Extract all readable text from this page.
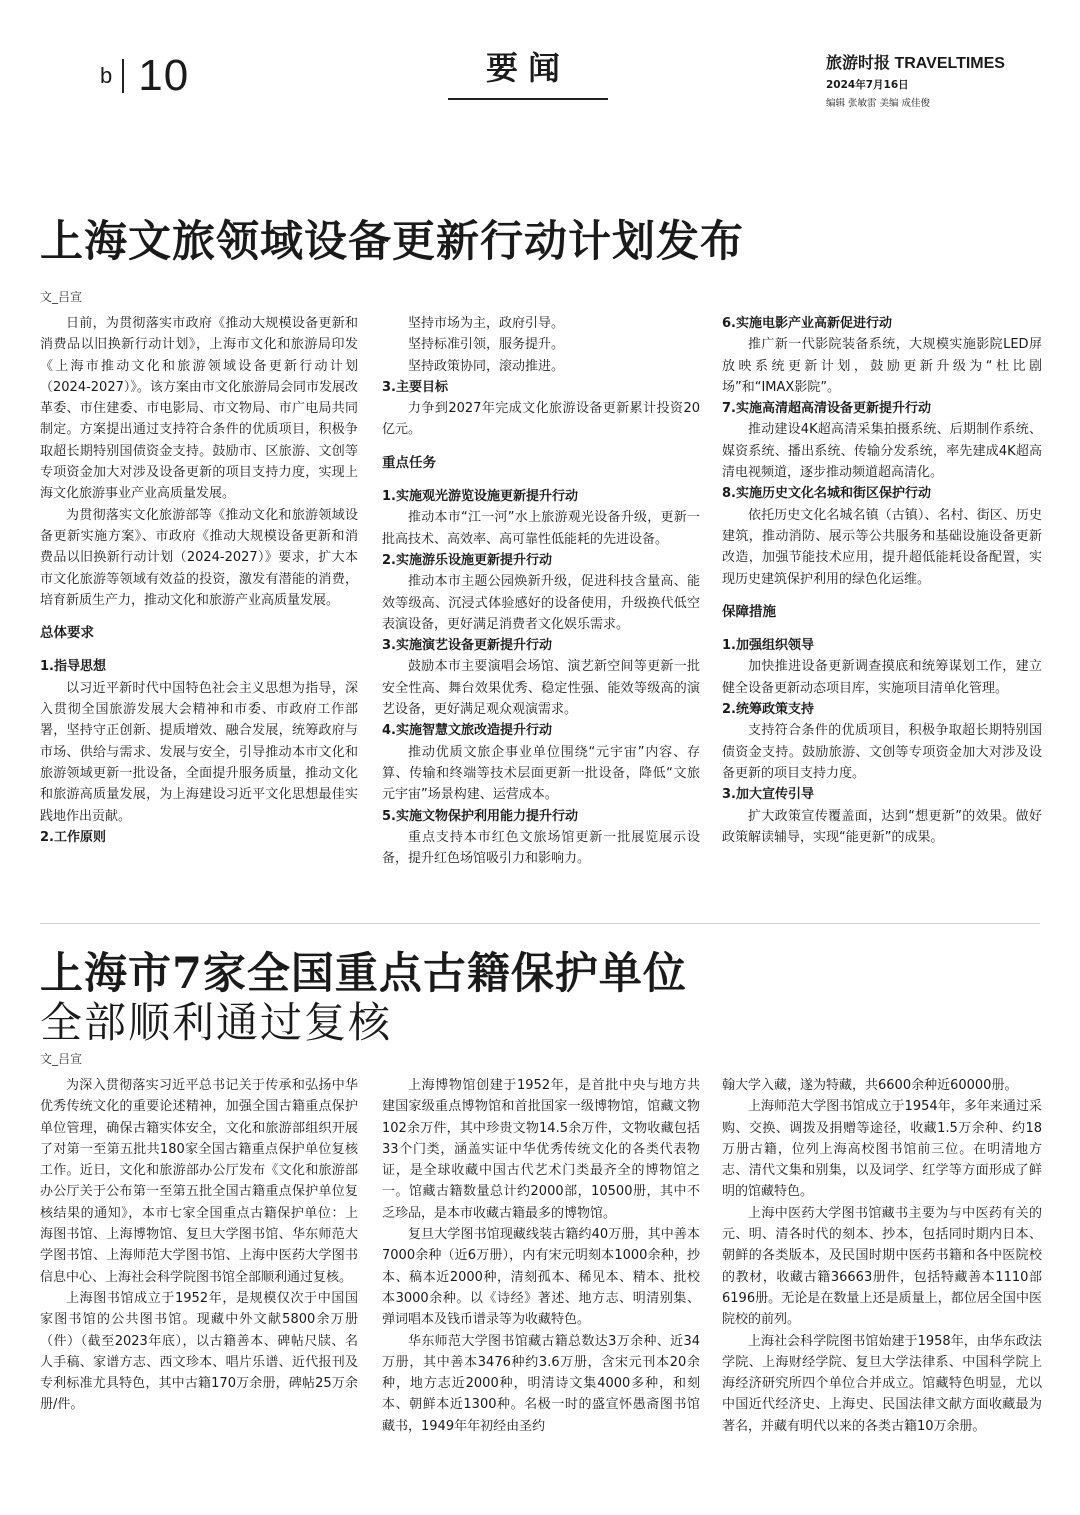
b 10	要闻	旅游时报 TRAVELTIMES
2024年7月16日
编辑 张敏雷 美编 成佳俊
上海文旅领域设备更新行动计划发布
文_吕宣

日前，为贯彻落实市政府《推动大规模设备更新和消费品以旧换新行动计划》，上海市文化和旅游局印发《上海市推动文化和旅游领域设备更新行动计划（2024-2027）》。该方案由市文化旅游局会同市发展改革委、市住建委、市电影局、市文物局、市广电局共同制定。方案提出通过支持符合条件的优质项目，积极争取超长期特别国债资金支持。鼓励市、区旅游、文创等专项资金加大对涉及设备更新的项目支持力度，实现上海文化旅游事业产业高质量发展。

为贯彻落实文化旅游部等《推动文化和旅游领域设备更新实施方案》、市政府《推动大规模设备更新和消费品以旧换新行动计划（2024-2027）》要求，扩大本市文化旅游等领域有效益的投资，激发有潜能的消费，培育新质生产力，推动文化和旅游产业高质量发展。

总体要求
1.指导思想

以习近平新时代中国特色社会主义思想为指导，深入贯彻全国旅游发展大会精神和市委、市政府工作部署，坚持守正创新、提质增效、融合发展，统筹政府与市场、供给与需求、发展与安全，引导推动本市文化和旅游领域更新一批设备，全面提升服务质量，推动文化和旅游高质量发展，为上海建设习近平文化思想最佳实践地作出贡献。

2.工作原则

坚持市场为主，政府引导。

坚持标准引领，服务提升。

坚持政策协同，滚动推进。

3.主要目标

力争到2027年完成文化旅游设备更新累计投资20亿元。

重点任务
1.实施观光游览设施更新提升行动

推动本市“江一河”水上旅游观光设备升级，更新一批高技术、高效率、高可靠性低能耗的先进设备。

2.实施游乐设施更新提升行动

推动本市主题公园焕新升级，促进科技含量高、能效等级高、沉浸式体验感好的设备使用，升级换代低空表演设备，更好满足消费者文化娱乐需求。

3.实施演艺设备更新提升行动

鼓励本市主要演唱会场馆、演艺新空间等更新一批安全性高、舞台效果优秀、稳定性强、能效等级高的演艺设备，更好满足观众观演需求。

4.实施智慧文旅改造提升行动

推动优质文旅企事业单位围绕“元宇宙”内容、存算、传输和终端等技术层面更新一批设备，降低“文旅元宇宙”场景构建、运营成本。

5.实施文物保护利用能力提升行动

重点支持本市红色文旅场馆更新一批展览展示设备，提升红色场馆吸引力和影响力。

6.实施电影产业高新促进行动

推广新一代影院装备系统，大规模实施影院LED屏放映系统更新计划，鼓励更新升级为“杜比剧场”和“IMAX影院”。

7.实施高清超高清设备更新提升行动

推动建设4K超高清采集拍摄系统、后期制作系统、媒资系统、播出系统、传输分发系统，率先建成4K超高清电视频道，逐步推动频道超高清化。

8.实施历史文化名城和街区保护行动

依托历史文化名城名镇（古镇）、名村、街区、历史建筑，推动消防、展示等公共服务和基础设施设备更新改造，加强节能技术应用，提升超低能耗设备配置，实现历史建筑保护利用的绿色化运维。

保障措施
1.加强组织领导

加快推进设备更新调查摸底和统筹谋划工作，建立健全设备更新动态项目库，实施项目清单化管理。

2.统筹政策支持

支持符合条件的优质项目，积极争取超长期特别国债资金支持。鼓励旅游、文创等专项资金加大对涉及设备更新的项目支持力度。

3.加大宣传引导

扩大政策宣传覆盖面，达到“想更新”的效果。做好政策解读辅导，实现“能更新”的成果。

上海市7家全国重点古籍保护单位
全部顺利通过复核
文_吕宣

为深入贯彻落实习近平总书记关于传承和弘扬中华优秀传统文化的重要论述精神，加强全国古籍重点保护单位管理，确保古籍实体安全，文化和旅游部组织开展了对第一至第五批共180家全国古籍重点保护单位复核工作。近日，文化和旅游部办公厅发布《文化和旅游部办公厅关于公布第一至第五批全国古籍重点保护单位复核结果的通知》，本市七家全国重点古籍保护单位：上海图书馆、上海博物馆、复旦大学图书馆、华东师范大学图书馆、上海师范大学图书馆、上海中医药大学图书信息中心、上海社会科学院图书馆全部顺利通过复核。

上海图书馆成立于1952年，是规模仅次于中国国家图书馆的公共图书馆。现藏中外文献5800余万册（件）（截至2023年底），以古籍善本、碑帖尺牍、名人手稿、家谱方志、西文珍本、唱片乐谱、近代报刊及专利标准尤具特色，其中古籍170万余册，碑帖25万余册/件。

上海博物馆创建于1952年，是首批中央与地方共建国家级重点博物馆和首批国家一级博物馆，馆藏文物102余万件，其中珍贵文物14.5余万件，文物收藏包括33个门类，涵盖实证中华优秀传统文化的各类代表物证，是全球收藏中国古代艺术门类最齐全的博物馆之一。馆藏古籍数量总计约2000部，10500册，其中不乏珍品，是本市收藏古籍最多的博物馆。

复旦大学图书馆现藏线装古籍约40万册，其中善本7000余种（近6万册），内有宋元明刻本1000余种，抄本、稿本近2000种，清刻孤本、稀见本、精本、批校本3000余种。以《诗经》著述、地方志、明清别集、弹词唱本及钱币谱录等为收藏特色。

华东师范大学图书馆藏古籍总数达3万余种、近34万册，其中善本3476种约3.6万册，含宋元刊本20余种，地方志近2000种，明清诗文集4000多种，和刻本、朝鲜本近1300种。名极一时的盛宣怀愚斋图书馆藏书，1949年年初经由圣约

翰大学入藏，遂为特藏，共6600余种近60000册。

上海师范大学图书馆成立于1954年，多年来通过采购、交换、调拨及捐赠等途径，收藏1.5万余种、约18万册古籍，位列上海高校图书馆前三位。在明清地方志、清代文集和别集，以及词学、红学等方面形成了鲜明的馆藏特色。

上海中医药大学图书馆藏书主要为与中医药有关的元、明、清各时代的刻本、抄本，包括同时期内日本、朝鲜的各类版本，及民国时期中医药书籍和各中医院校的教材，收藏古籍36663册件，包括特藏善本1110部6196册。无论是在数量上还是质量上，都位居全国中医院校的前列。

上海社会科学院图书馆始建于1958年，由华东政法学院、上海财经学院、复旦大学法律系、中国科学院上海经济研究所四个单位合并成立。馆藏特色明显，尤以中国近代经济史、上海史、民国法律文献方面收藏最为著名，并藏有明代以来的各类古籍10万余册。
